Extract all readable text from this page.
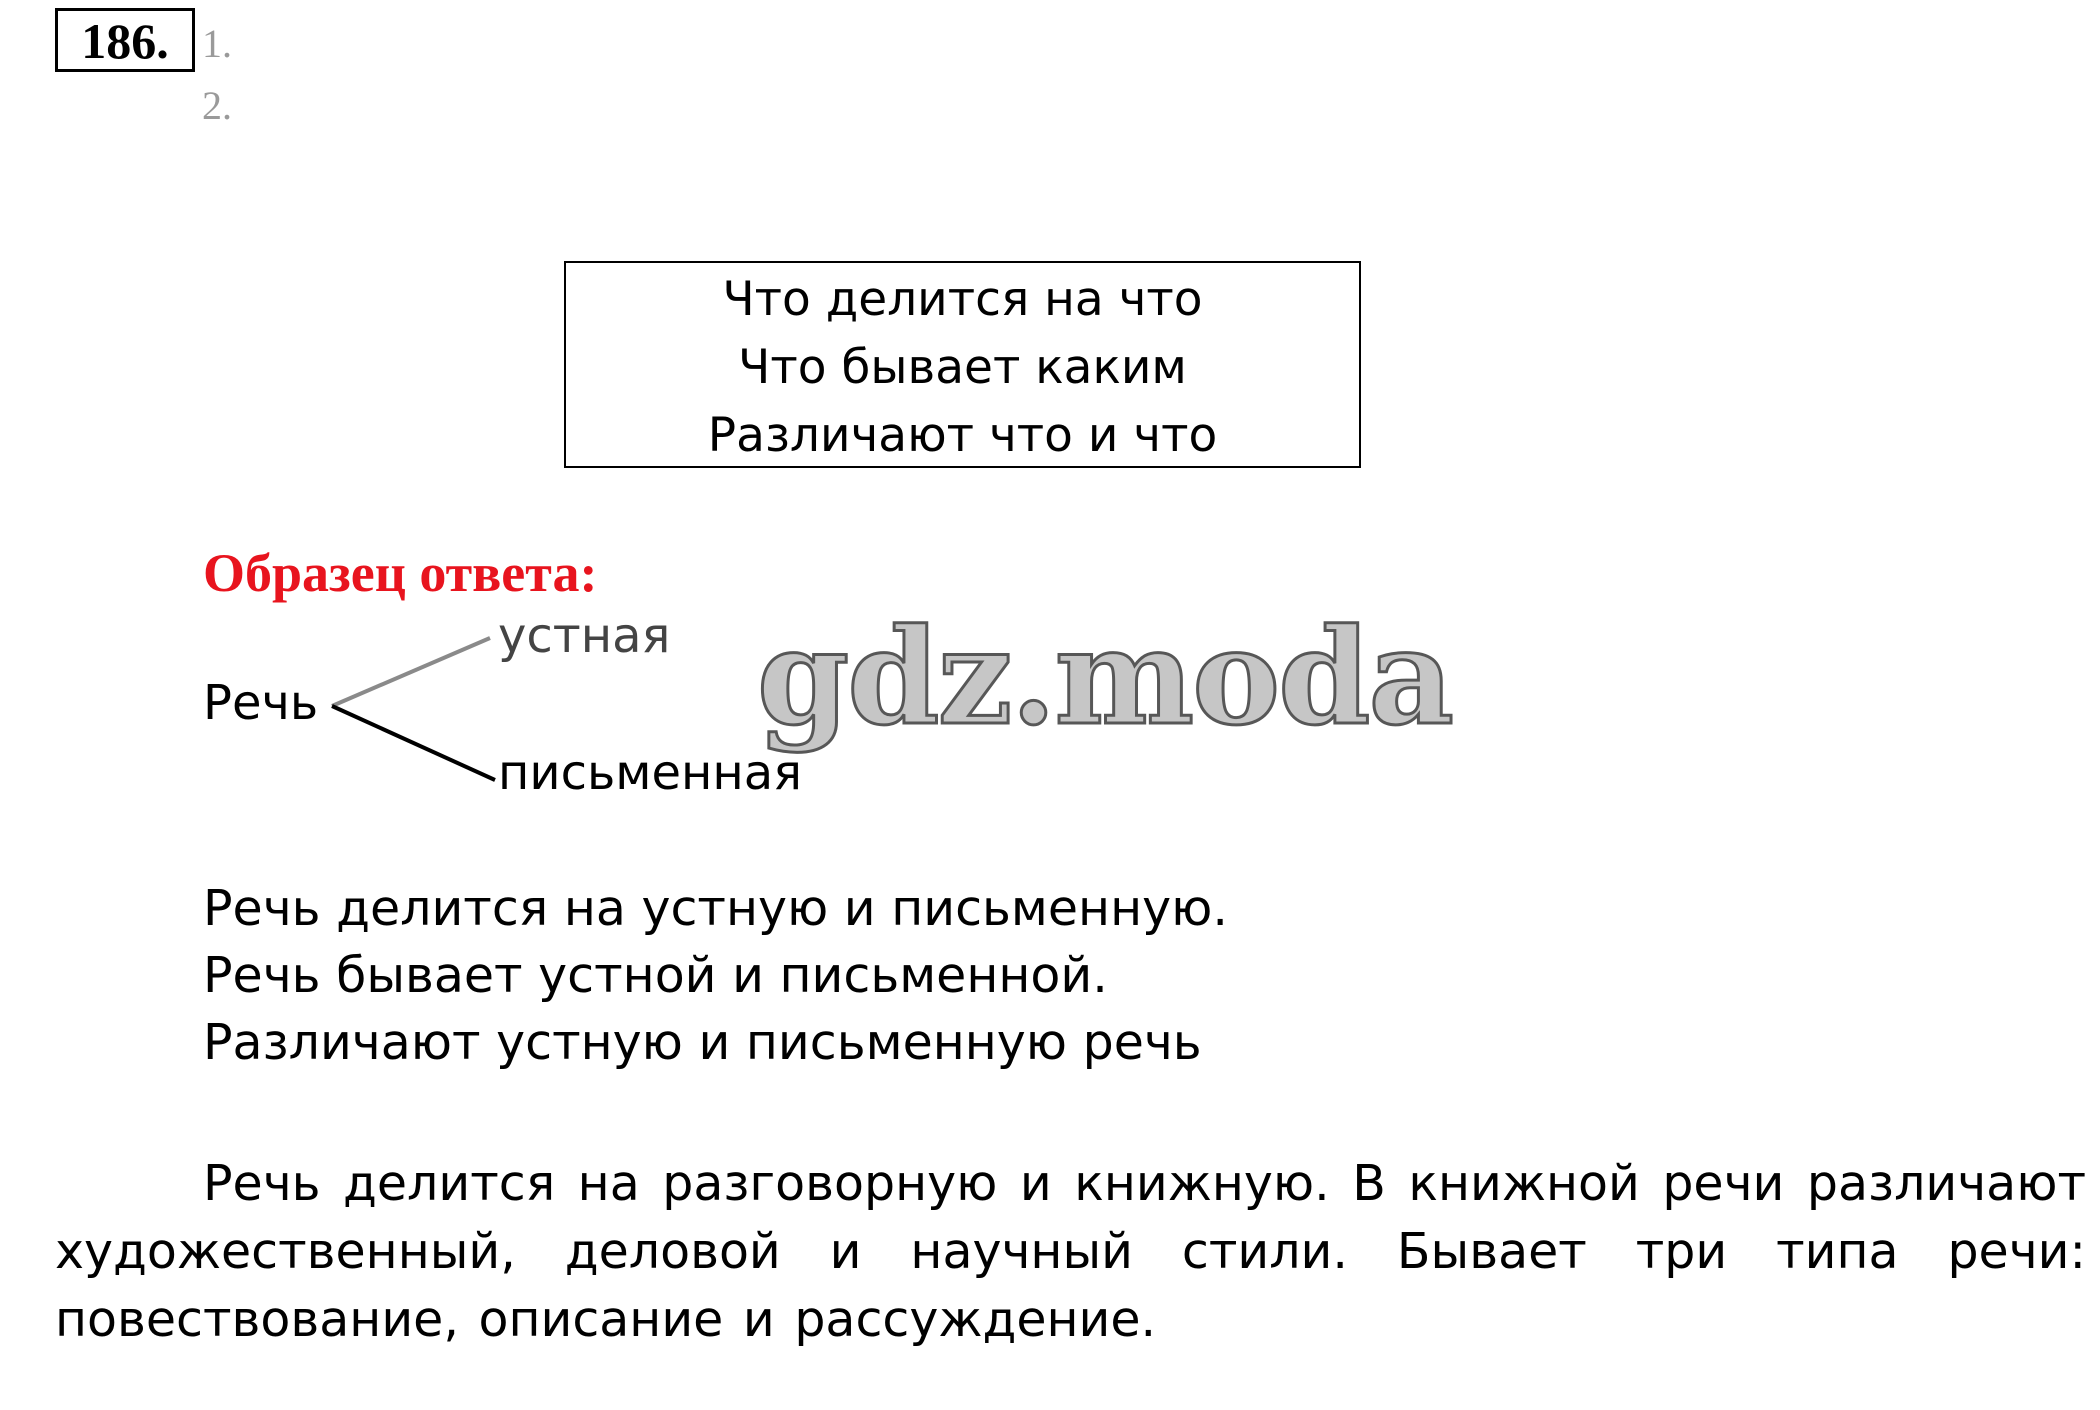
186. 1.
2.
Что делится на что
Что бывает каким
Различают что и что
Образец ответа:
Речь
устная
письменная
gdz.moda
Речь делится на устную и письменную.
Речь бывает устной и письменной.
Различают устную и письменную речь
Речь делится на разговорную и книжную. В книжной речи различают художественный, деловой и научный стили. Бывает три типа речи: повествование, описание и рассуждение.
